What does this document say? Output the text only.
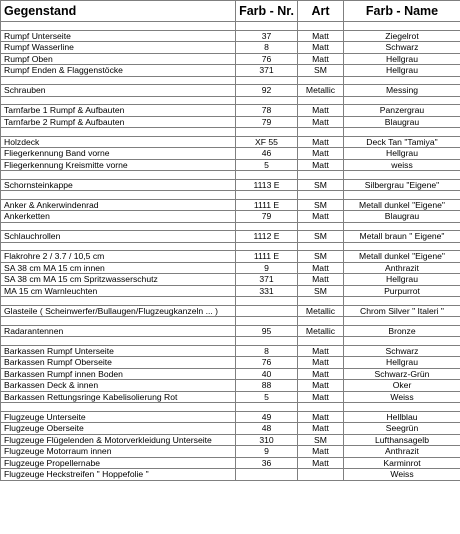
Gegenstand	Farb - Nr.	Art	Farb - Name

Rumpf Unterseite	37	Matt	Ziegelrot
Rumpf Wasserline	8	Matt	Schwarz
Rumpf Oben	76	Matt	Hellgrau
Rumpf Enden & Flaggenstöcke	371	SM	Hellgrau

Schrauben	92	Metallic	Messing

Tarnfarbe 1 Rumpf & Aufbauten	78	Matt	Panzergrau
Tarnfarbe 2 Rumpf & Aufbauten	79	Matt	Blaugrau

Holzdeck	XF 55	Matt	Deck Tan "Tamiya"
Fliegerkennung Band vorne	46	Matt	Hellgrau
Fliegerkennung Kreismitte vorne	5	Matt	weiss

Schornsteinkappe	1113 E	SM	Silbergrau "Eigene"

Anker & Ankerwindenrad	1111 E	SM	Metall dunkel "Eigene"
Ankerketten	79	Matt	Blaugrau

Schlauchrollen	1112 E	SM	Metall braun " Eigene"

Flakrohre 2 / 3.7 / 10,5 cm	1111 E	SM	Metall dunkel "Eigene"
SA 38 cm MA 15 cm innen	9	Matt	Anthrazit
SA 38 cm MA 15 cm Spritzwasserschutz	371	Matt	Hellgrau
MA 15 cm Warnleuchten	331	SM	Purpurrot

Glasteile ( Scheinwerfer/Bullaugen/Flugzeugkanzeln ... )		Metallic	Chrom Silver " Italeri "

Radarantennen	95	Metallic	Bronze

Barkassen Rumpf Unterseite	8	Matt	Schwarz
Barkassen Rumpf Oberseite	76	Matt	Hellgrau
Barkassen Rumpf innen Boden	40	Matt	Schwarz-Grün
Barkassen Deck & innen	88	Matt	Oker
Barkassen Rettungsringe Kabelisolierung Rot	5	Matt	Weiss

Flugzeuge Unterseite	49	Matt	Hellblau
Flugzeuge Oberseite	48	Matt	Seegrün
Flugzeuge Flügelenden & Motorverkleidung Unterseite	310	SM	Lufthansagelb
Flugzeuge Motorraum innen	9	Matt	Anthrazit
Flugzeuge Propellernabe	36	Matt	Karminrot
Flugzeuge Heckstreifen " Hoppefolie "			Weiss
